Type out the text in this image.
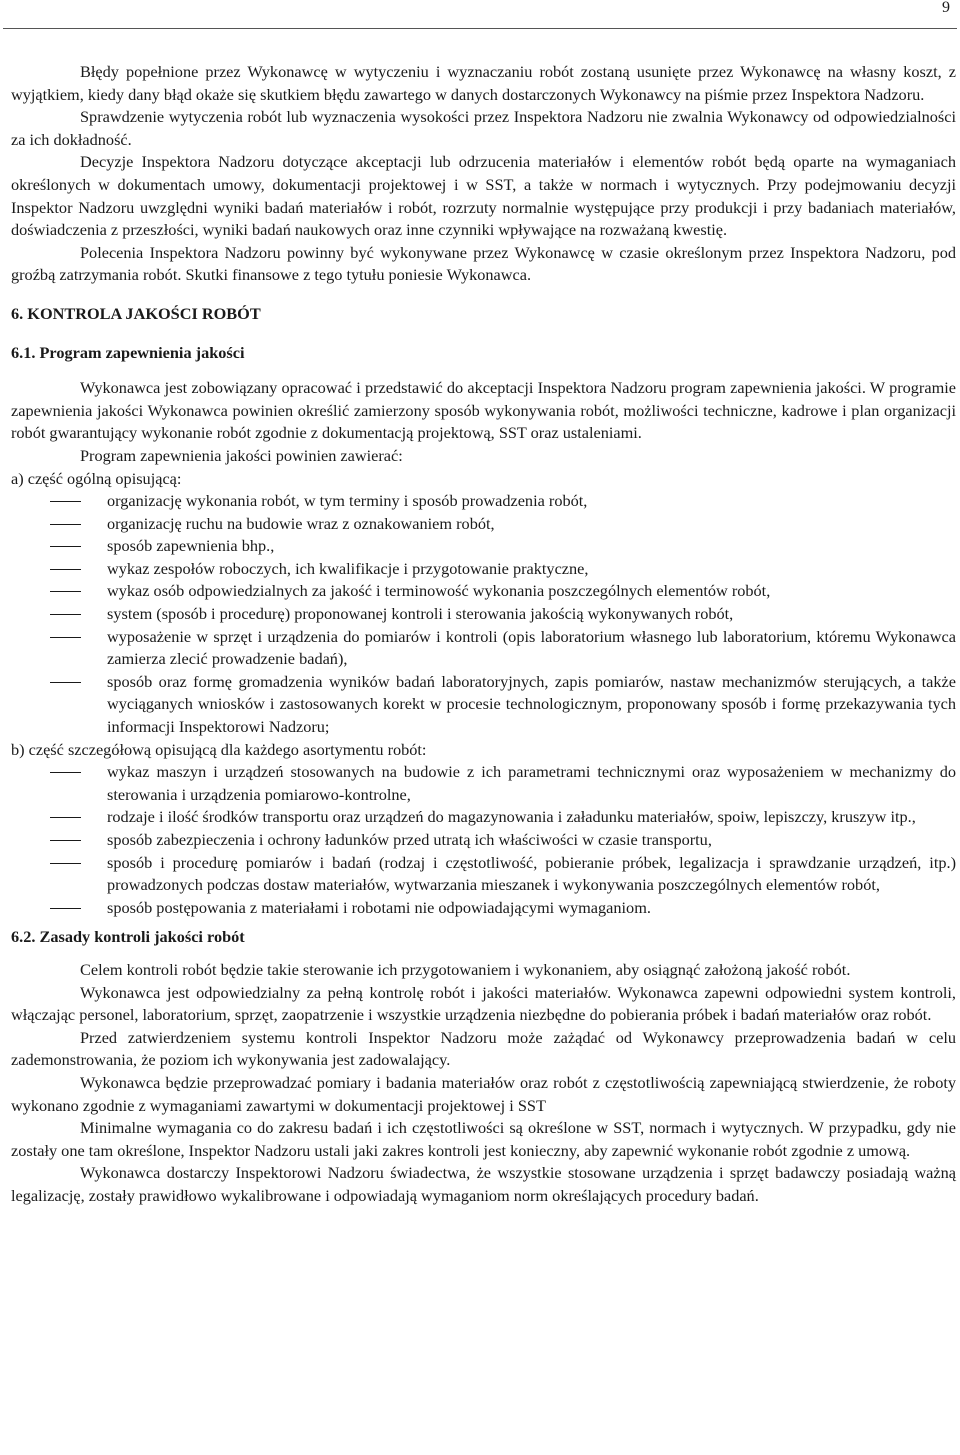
9

Błędy popełnione przez Wykonawcę w wytyczeniu i wyznaczaniu robót zostaną usunięte przez Wykonawcę na własny koszt, z wyjątkiem, kiedy dany błąd okaże się skutkiem błędu zawartego w danych dostarczonych Wykonawcy na piśmie przez Inspektora Nadzoru.

Sprawdzenie wytyczenia robót lub wyznaczenia wysokości przez Inspektora Nadzoru nie zwalnia Wykonawcy od odpowiedzialności za ich dokładność.

Decyzje Inspektora Nadzoru dotyczące akceptacji lub odrzucenia materiałów i elementów robót będą oparte na wymaganiach określonych w dokumentach umowy, dokumentacji projektowej i w SST, a także w normach i wytycznych. Przy podejmowaniu decyzji Inspektor Nadzoru uwzględni wyniki badań materiałów i robót, rozrzuty normalnie występujące przy produkcji i przy badaniach materiałów, doświadczenia z przeszłości, wyniki badań naukowych oraz inne czynniki wpływające na rozważaną kwestię.

Polecenia Inspektora Nadzoru powinny być wykonywane przez Wykonawcę w czasie określonym przez Inspektora Nadzoru, pod groźbą zatrzymania robót. Skutki finansowe z tego tytułu poniesie Wykonawca.

6. KONTROLA JAKOŚCI ROBÓT
6.1. Program zapewnienia jakości

Wykonawca jest zobowiązany opracować i przedstawić do akceptacji Inspektora Nadzoru program zapewnienia jakości. W programie zapewnienia jakości Wykonawca powinien określić zamierzony sposób wykonywania robót, możliwości techniczne, kadrowe i plan organizacji robót gwarantujący wykonanie robót zgodnie z dokumentacją projektową, SST oraz ustaleniami.

Program zapewnienia jakości powinien zawierać:

a) część ogólną opisującą:

organizację wykonania robót, w tym terminy i sposób prowadzenia robót,
organizację ruchu na budowie wraz z oznakowaniem robót,
sposób zapewnienia bhp.,
wykaz zespołów roboczych, ich kwalifikacje i przygotowanie praktyczne,
wykaz osób odpowiedzialnych za jakość i terminowość wykonania poszczególnych elementów robót,
system (sposób i procedurę) proponowanej kontroli i sterowania jakością wykonywanych robót,
wyposażenie w sprzęt i urządzenia do pomiarów i kontroli (opis laboratorium własnego lub laboratorium, któremu Wykonawca zamierza zlecić prowadzenie badań),
sposób oraz formę gromadzenia wyników badań laboratoryjnych, zapis pomiarów, nastaw mechanizmów sterujących, a także wyciąganych wniosków i zastosowanych korekt w procesie technologicznym, proponowany sposób i formę przekazywania tych informacji Inspektorowi Nadzoru;

b) część szczegółową opisującą dla każdego asortymentu robót:

wykaz maszyn i urządzeń stosowanych na budowie z ich parametrami technicznymi oraz wyposażeniem w mechanizmy do sterowania i urządzenia pomiarowo-kontrolne,
rodzaje i ilość środków transportu oraz urządzeń do magazynowania i załadunku materiałów, spoiw, lepiszczy, kruszyw itp.,
sposób zabezpieczenia i ochrony ładunków przed utratą ich właściwości w czasie transportu,
sposób i procedurę pomiarów i badań (rodzaj i częstotliwość, pobieranie próbek, legalizacja i sprawdzanie urządzeń, itp.) prowadzonych podczas dostaw materiałów, wytwarzania mieszanek i wykonywania poszczególnych elementów robót,
sposób postępowania z materiałami i robotami nie odpowiadającymi wymaganiom.
6.2. Zasady kontroli jakości robót

Celem kontroli robót będzie takie sterowanie ich przygotowaniem i wykonaniem, aby osiągnąć założoną jakość robót.

Wykonawca jest odpowiedzialny za pełną kontrolę robót i jakości materiałów. Wykonawca zapewni odpowiedni system kontroli, włączając personel, laboratorium, sprzęt, zaopatrzenie i wszystkie urządzenia niezbędne do pobierania próbek i badań materiałów oraz robót.

Przed zatwierdzeniem systemu kontroli Inspektor Nadzoru może zażądać od Wykonawcy przeprowadzenia badań w celu zademonstrowania, że poziom ich wykonywania jest zadowalający.

Wykonawca będzie przeprowadzać pomiary i badania materiałów oraz robót z częstotliwością zapewniającą stwierdzenie, że roboty wykonano zgodnie z wymaganiami zawartymi w dokumentacji projektowej i SST

Minimalne wymagania co do zakresu badań i ich częstotliwości są określone w SST, normach i wytycznych. W przypadku, gdy nie zostały one tam określone, Inspektor Nadzoru ustali jaki zakres kontroli jest konieczny, aby zapewnić wykonanie robót zgodnie z umową.

Wykonawca dostarczy Inspektorowi Nadzoru świadectwa, że wszystkie stosowane urządzenia i sprzęt badawczy posiadają ważną legalizację, zostały prawidłowo wykalibrowane i odpowiadają wymaganiom norm określających procedury badań.
